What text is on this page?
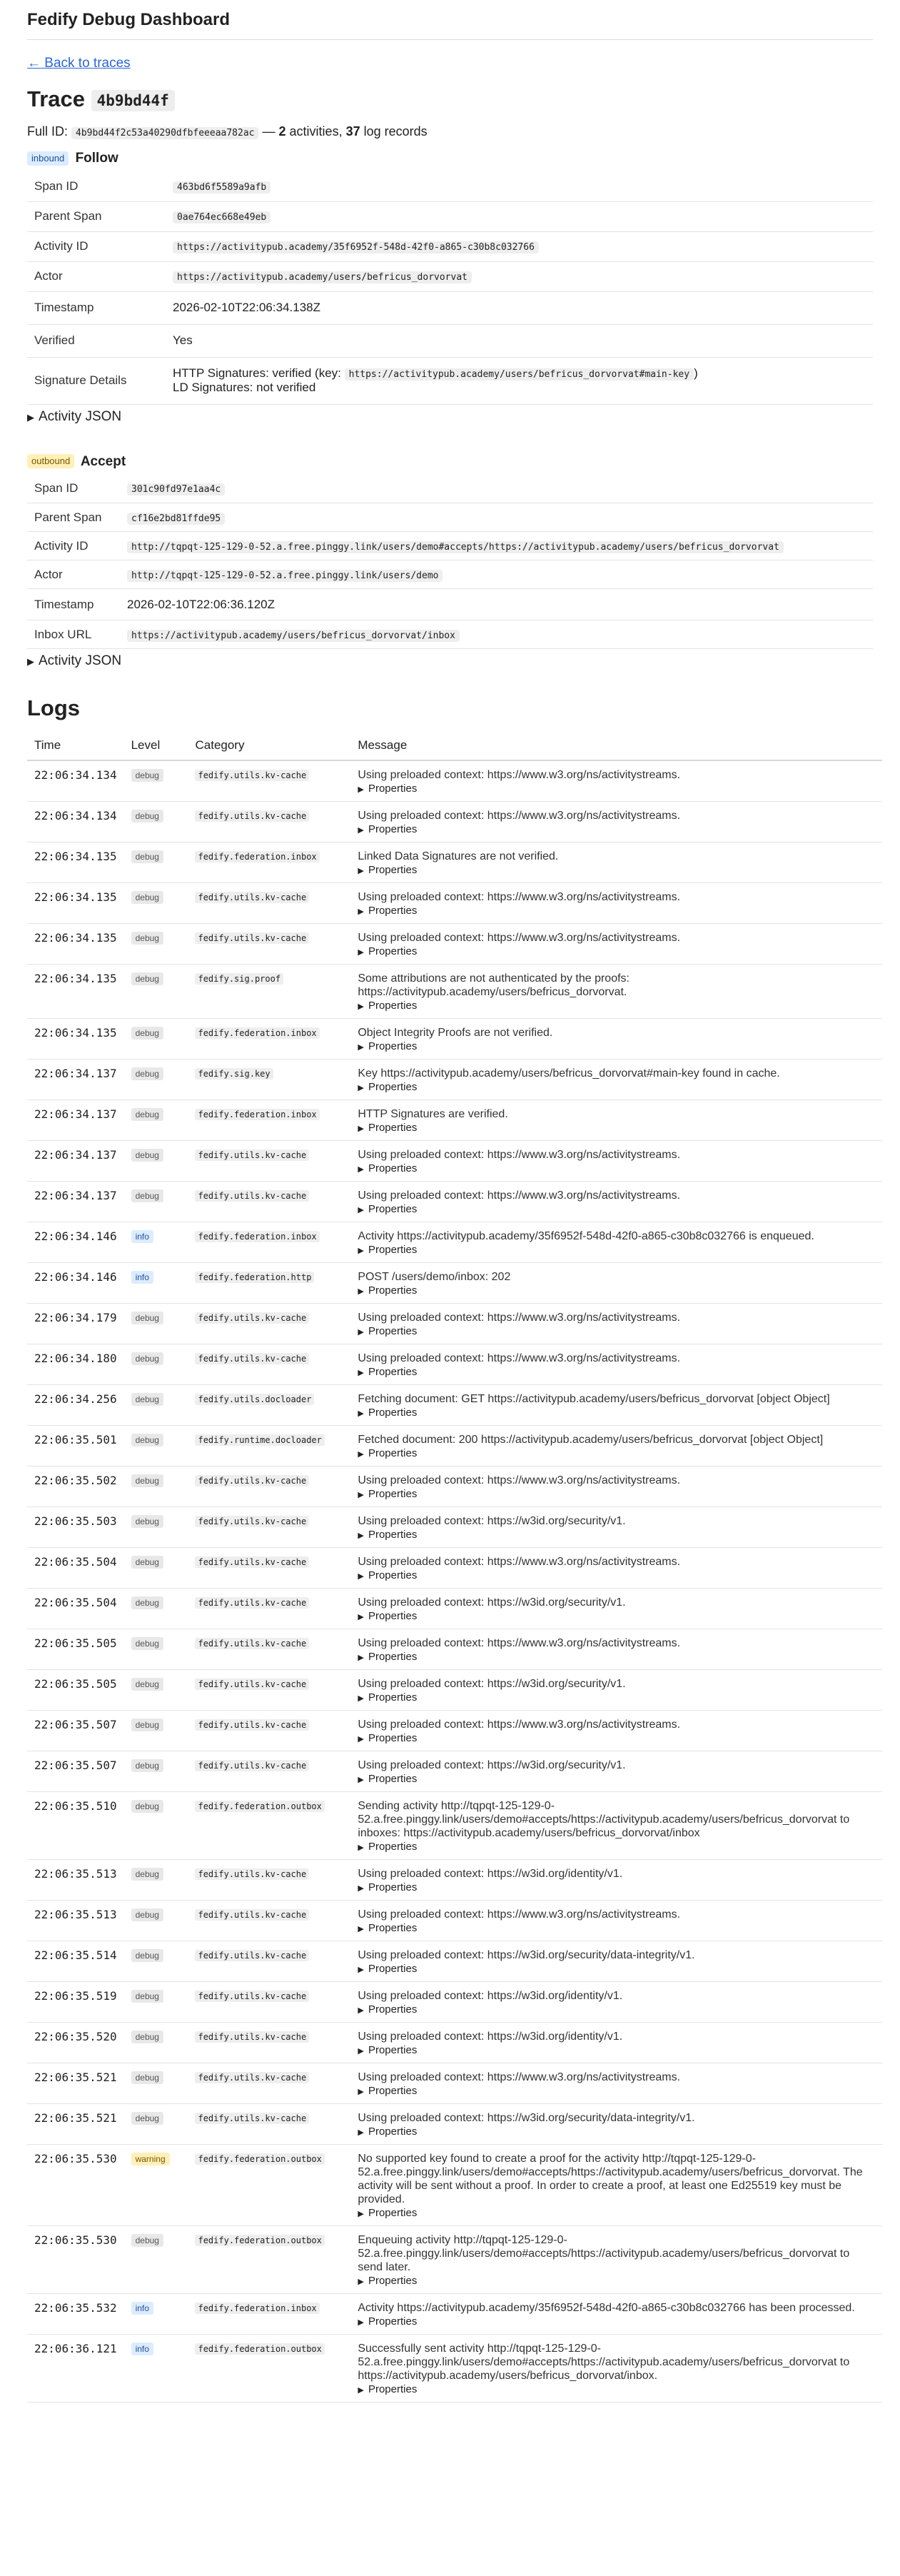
Fedify Debug Dashboard
← Back to traces
Trace 4b9bd44f
Full ID: 4b9bd44f2c53a40290dfbfeeeaa782ac — 2 activities, 37 log records
inbound Follow
Span ID	463bd6f5589a9afb
Parent Span	0ae764ec668e49eb
Activity ID	https://activitypub.academy/35f6952f-548d-42f0-a865-c30b8c032766
Actor	https://activitypub.academy/users/befricus_dorvorvat
Timestamp	2026-02-10T22:06:34.138Z
Verified	Yes
Signature Details	HTTP Signatures: verified (key: https://activitypub.academy/users/befricus_dorvorvat#main-key )
LD Signatures: not verified
▶ Activity JSON
outbound Accept
Span ID	301c90fd97e1aa4c
Parent Span	cf16e2bd81ffde95
Activity ID	http://tqpqt-125-129-0-52.a.free.pinggy.link/users/demo#accepts/https://activitypub.academy/users/befricus_dorvorvat
Actor	http://tqpqt-125-129-0-52.a.free.pinggy.link/users/demo
Timestamp	2026-02-10T22:06:36.120Z
Inbox URL	https://activitypub.academy/users/befricus_dorvorvat/inbox
▶ Activity JSON
Logs
Time	Level	Category	Message
22:06:34.134	debug	fedify.utils.kv-cache	Using preloaded context: https://www.w3.org/ns/activitystreams.
▶ Properties

22:06:34.134	debug	fedify.utils.kv-cache	Using preloaded context: https://www.w3.org/ns/activitystreams.
▶ Properties

22:06:34.135	debug	fedify.federation.inbox	Linked Data Signatures are not verified.
▶ Properties

22:06:34.135	debug	fedify.utils.kv-cache	Using preloaded context: https://www.w3.org/ns/activitystreams.
▶ Properties

22:06:34.135	debug	fedify.utils.kv-cache	Using preloaded context: https://www.w3.org/ns/activitystreams.
▶ Properties

22:06:34.135	debug	fedify.sig.proof	Some attributions are not authenticated by the proofs: https://activitypub.academy/users/befricus_dorvorvat.
▶ Properties

22:06:34.135	debug	fedify.federation.inbox	Object Integrity Proofs are not verified.
▶ Properties

22:06:34.137	debug	fedify.sig.key	Key https://activitypub.academy/users/befricus_dorvorvat#main-key found in cache.
▶ Properties

22:06:34.137	debug	fedify.federation.inbox	HTTP Signatures are verified.
▶ Properties

22:06:34.137	debug	fedify.utils.kv-cache	Using preloaded context: https://www.w3.org/ns/activitystreams.
▶ Properties

22:06:34.137	debug	fedify.utils.kv-cache	Using preloaded context: https://www.w3.org/ns/activitystreams.
▶ Properties

22:06:34.146	info	fedify.federation.inbox	Activity https://activitypub.academy/35f6952f-548d-42f0-a865-c30b8c032766 is enqueued.
▶ Properties

22:06:34.146	info	fedify.federation.http	POST /users/demo/inbox: 202
▶ Properties

22:06:34.179	debug	fedify.utils.kv-cache	Using preloaded context: https://www.w3.org/ns/activitystreams.
▶ Properties

22:06:34.180	debug	fedify.utils.kv-cache	Using preloaded context: https://www.w3.org/ns/activitystreams.
▶ Properties

22:06:34.256	debug	fedify.utils.docloader	Fetching document: GET https://activitypub.academy/users/befricus_dorvorvat [object Object]
▶ Properties

22:06:35.501	debug	fedify.runtime.docloader	Fetched document: 200 https://activitypub.academy/users/befricus_dorvorvat [object Object]
▶ Properties

22:06:35.502	debug	fedify.utils.kv-cache	Using preloaded context: https://www.w3.org/ns/activitystreams.
▶ Properties

22:06:35.503	debug	fedify.utils.kv-cache	Using preloaded context: https://w3id.org/security/v1.
▶ Properties

22:06:35.504	debug	fedify.utils.kv-cache	Using preloaded context: https://www.w3.org/ns/activitystreams.
▶ Properties

22:06:35.504	debug	fedify.utils.kv-cache	Using preloaded context: https://w3id.org/security/v1.
▶ Properties

22:06:35.505	debug	fedify.utils.kv-cache	Using preloaded context: https://www.w3.org/ns/activitystreams.
▶ Properties

22:06:35.505	debug	fedify.utils.kv-cache	Using preloaded context: https://w3id.org/security/v1.
▶ Properties

22:06:35.507	debug	fedify.utils.kv-cache	Using preloaded context: https://www.w3.org/ns/activitystreams.
▶ Properties

22:06:35.507	debug	fedify.utils.kv-cache	Using preloaded context: https://w3id.org/security/v1.
▶ Properties

22:06:35.510	debug	fedify.federation.outbox	Sending activity http://tqpqt-125-129-0-52.a.free.pinggy.link/users/demo#accepts/https://activitypub.academy/users/befricus_dorvorvat to inboxes: https://activitypub.academy/users/befricus_dorvorvat/inbox
▶ Properties

22:06:35.513	debug	fedify.utils.kv-cache	Using preloaded context: https://w3id.org/identity/v1.
▶ Properties

22:06:35.513	debug	fedify.utils.kv-cache	Using preloaded context: https://www.w3.org/ns/activitystreams.
▶ Properties

22:06:35.514	debug	fedify.utils.kv-cache	Using preloaded context: https://w3id.org/security/data-integrity/v1.
▶ Properties

22:06:35.519	debug	fedify.utils.kv-cache	Using preloaded context: https://w3id.org/identity/v1.
▶ Properties

22:06:35.520	debug	fedify.utils.kv-cache	Using preloaded context: https://w3id.org/identity/v1.
▶ Properties

22:06:35.521	debug	fedify.utils.kv-cache	Using preloaded context: https://www.w3.org/ns/activitystreams.
▶ Properties

22:06:35.521	debug	fedify.utils.kv-cache	Using preloaded context: https://w3id.org/security/data-integrity/v1.
▶ Properties

22:06:35.530	warning	fedify.federation.outbox	No supported key found to create a proof for the activity http://tqpqt-125-129-0-52.a.free.pinggy.link/users/demo#accepts/https://activitypub.academy/users/befricus_dorvorvat. The activity will be sent without a proof. In order to create a proof, at least one Ed25519 key must be provided.
▶ Properties

22:06:35.530	debug	fedify.federation.outbox	Enqueuing activity http://tqpqt-125-129-0-52.a.free.pinggy.link/users/demo#accepts/https://activitypub.academy/users/befricus_dorvorvat to send later.
▶ Properties

22:06:35.532	info	fedify.federation.inbox	Activity https://activitypub.academy/35f6952f-548d-42f0-a865-c30b8c032766 has been processed.
▶ Properties

22:06:36.121	info	fedify.federation.outbox	Successfully sent activity http://tqpqt-125-129-0-52.a.free.pinggy.link/users/demo#accepts/https://activitypub.academy/users/befricus_dorvorvat to https://activitypub.academy/users/befricus_dorvorvat/inbox.
▶ Properties
